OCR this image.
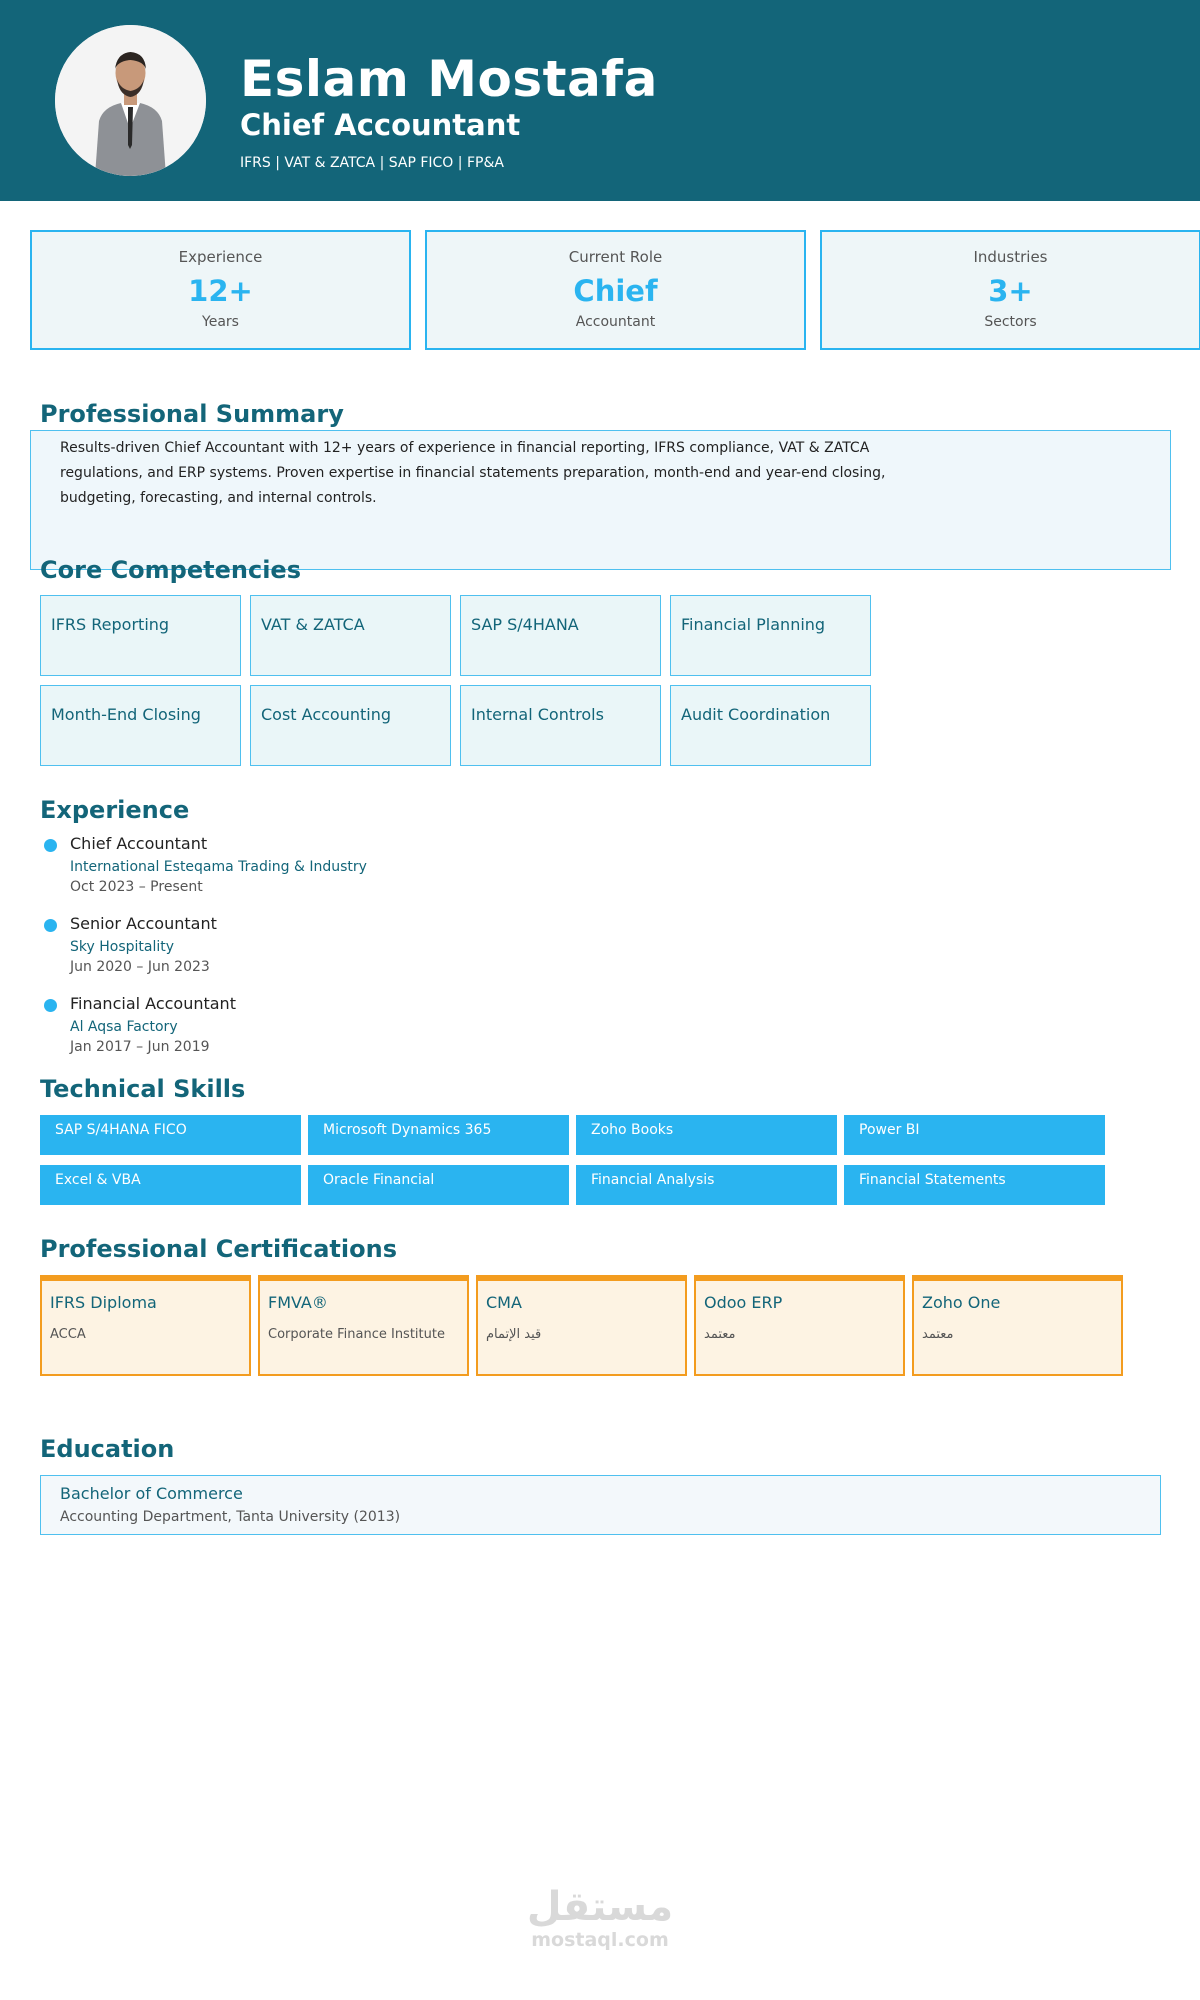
Eslam Mostafa
Chief Accountant
IFRS | VAT & ZATCA | SAP FICO | FP&A
Experience
12+
Years
Current Role
Chief
Accountant
Industries
3+
Sectors
Professional Summary
Results-driven Chief Accountant with 12+ years of experience in financial reporting, IFRS compliance, VAT & ZATCA regulations, and ERP systems. Proven expertise in financial statements preparation, month-end and year-end closing, budgeting, forecasting, and internal controls.
Core Competencies
IFRS Reporting	VAT & ZATCA	SAP S/4HANA	Financial Planning
Month-End Closing	Cost Accounting	Internal Controls	Audit Coordination
Experience
Chief Accountant
International Esteqama Trading & Industry
Oct 2023 – Present
Senior Accountant
Sky Hospitality
Jun 2020 – Jun 2023
Financial Accountant
Al Aqsa Factory
Jan 2017 – Jun 2019
Technical Skills
SAP S/4HANA FICO	Microsoft Dynamics 365	Zoho Books	Power BI
Excel & VBA	Oracle Financial	Financial Analysis	Financial Statements
Professional Certifications
IFRS Diploma
ACCA
FMVA®
Corporate Finance Institute
CMA
قيد الإتمام
Odoo ERP
معتمد
Zoho One
معتمد
Education
Bachelor of Commerce
Accounting Department, Tanta University (2013)
مستقل
mostaql.com
